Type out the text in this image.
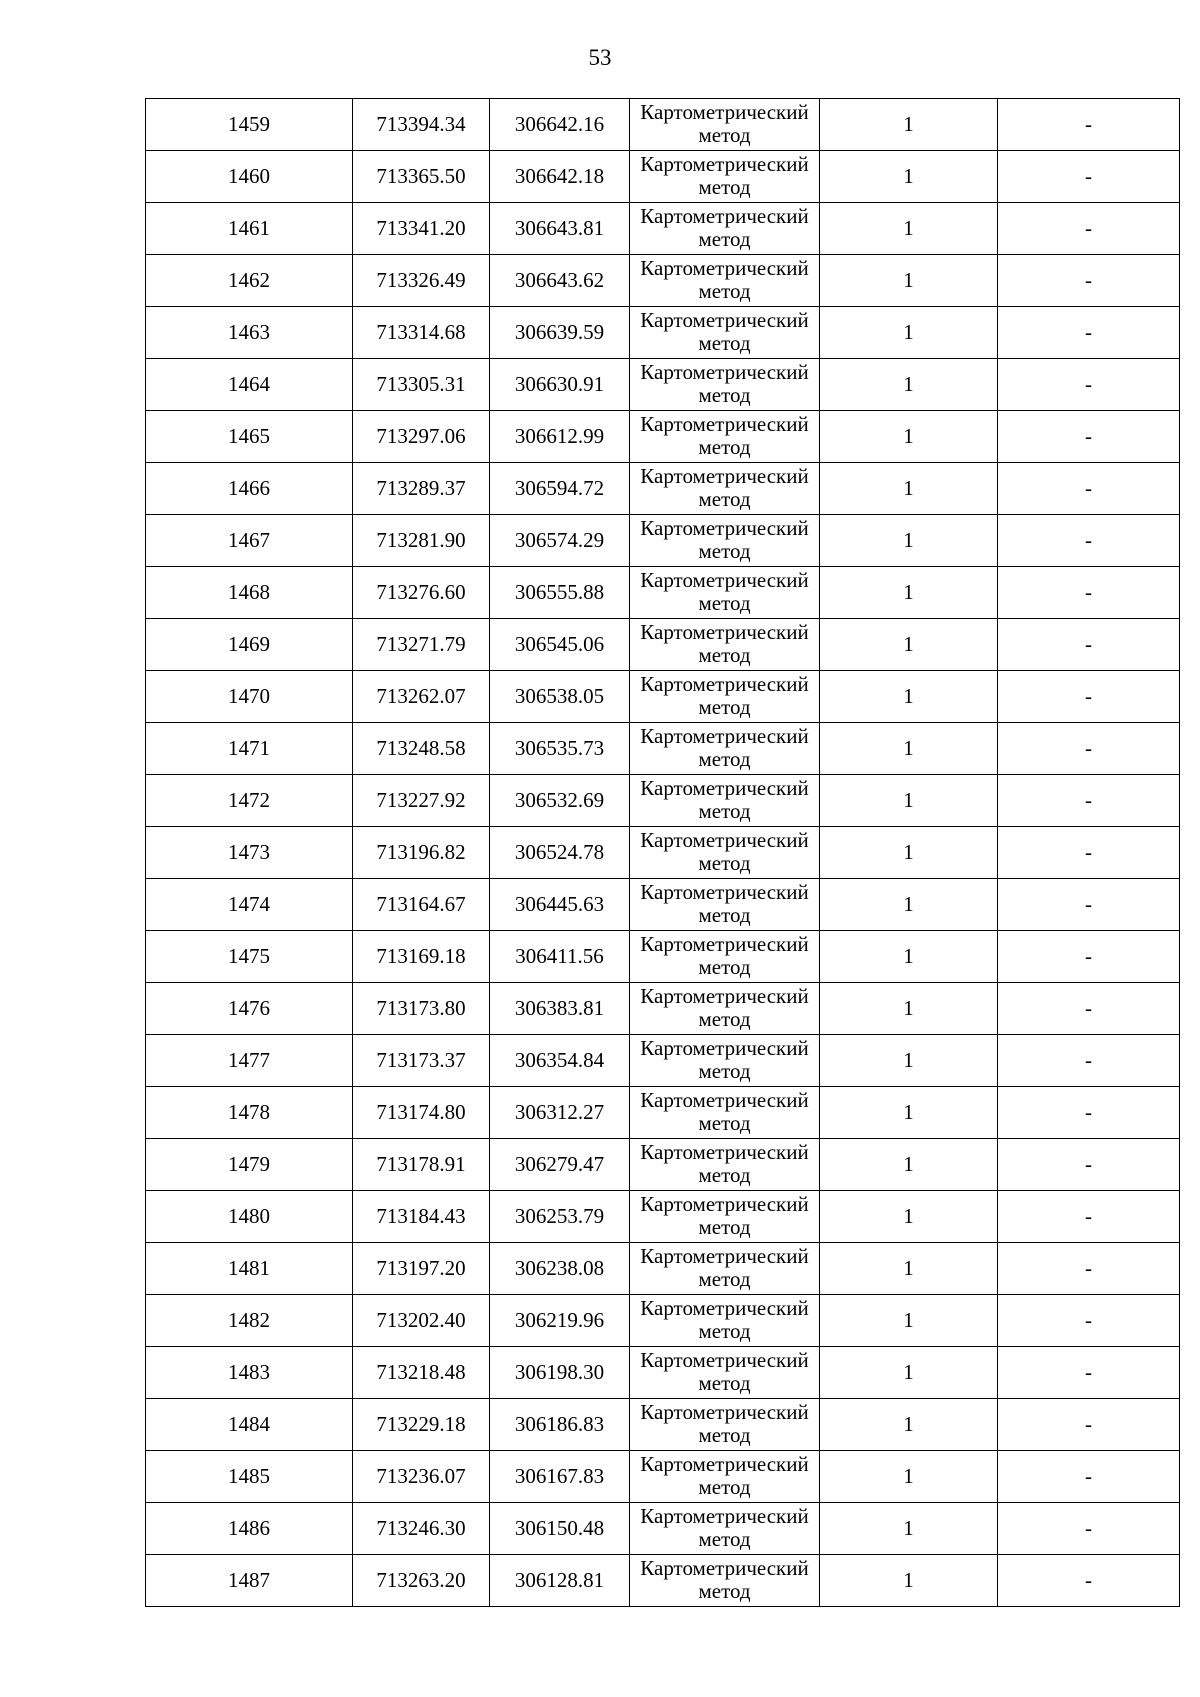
53
1459	713394.34	306642.16	Картометрический
метод	1	-
1460	713365.50	306642.18	Картометрический
метод	1	-
1461	713341.20	306643.81	Картометрический
метод	1	-
1462	713326.49	306643.62	Картометрический
метод	1	-
1463	713314.68	306639.59	Картометрический
метод	1	-
1464	713305.31	306630.91	Картометрический
метод	1	-
1465	713297.06	306612.99	Картометрический
метод	1	-
1466	713289.37	306594.72	Картометрический
метод	1	-
1467	713281.90	306574.29	Картометрический
метод	1	-
1468	713276.60	306555.88	Картометрический
метод	1	-
1469	713271.79	306545.06	Картометрический
метод	1	-
1470	713262.07	306538.05	Картометрический
метод	1	-
1471	713248.58	306535.73	Картометрический
метод	1	-
1472	713227.92	306532.69	Картометрический
метод	1	-
1473	713196.82	306524.78	Картометрический
метод	1	-
1474	713164.67	306445.63	Картометрический
метод	1	-
1475	713169.18	306411.56	Картометрический
метод	1	-
1476	713173.80	306383.81	Картометрический
метод	1	-
1477	713173.37	306354.84	Картометрический
метод	1	-
1478	713174.80	306312.27	Картометрический
метод	1	-
1479	713178.91	306279.47	Картометрический
метод	1	-
1480	713184.43	306253.79	Картометрический
метод	1	-
1481	713197.20	306238.08	Картометрический
метод	1	-
1482	713202.40	306219.96	Картометрический
метод	1	-
1483	713218.48	306198.30	Картометрический
метод	1	-
1484	713229.18	306186.83	Картометрический
метод	1	-
1485	713236.07	306167.83	Картометрический
метод	1	-
1486	713246.30	306150.48	Картометрический
метод	1	-
1487	713263.20	306128.81	Картометрический
метод	1	-
